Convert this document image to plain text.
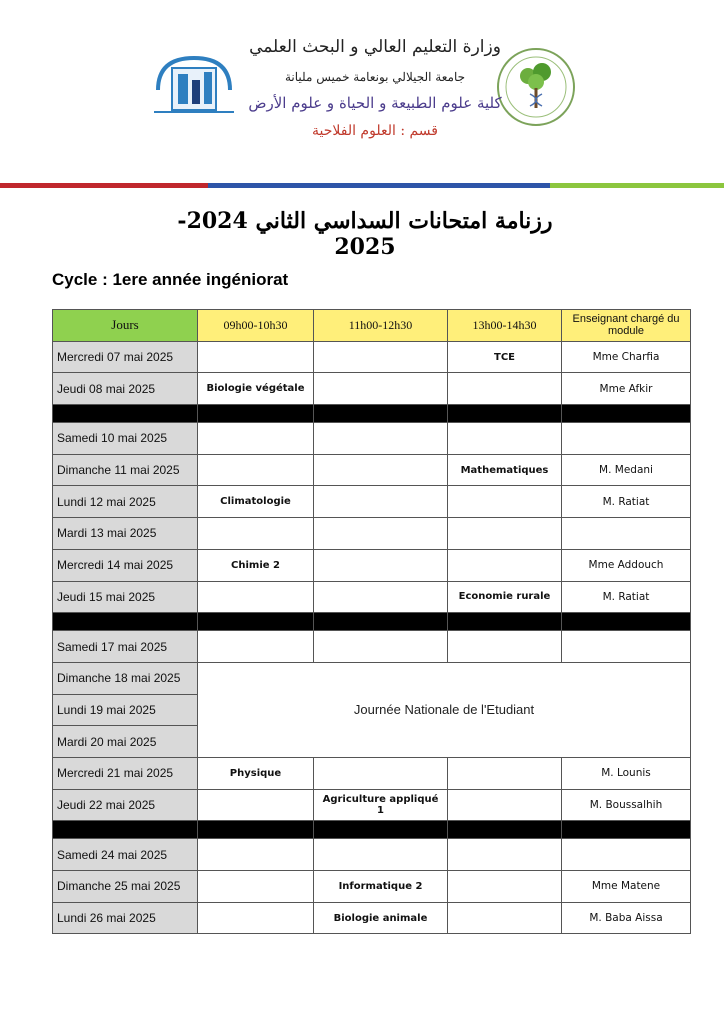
وزارة التعليم العالي و البحث العلمي
جامعة الجيلالي بونعامة خميس مليانة
كلية علوم الطبيعة و الحياة و علوم الأرض
قسم : العلوم الفلاحية
رزنامة امتحانات السداسي الثاني 2024-2025
Cycle : 1ere année ingéniorat
Jours	09h00-10h30	11h00-12h30	13h00-14h30	Enseignant chargé du module
Mercredi 07 mai 2025			TCE	Mme Charfia
Jeudi 08 mai 2025	Biologie végétale			Mme Afkir

Samedi 10 mai 2025				
Dimanche 11 mai 2025			Mathematiques	M. Medani
Lundi 12 mai 2025	Climatologie			M. Ratiat
Mardi 13 mai 2025				
Mercredi 14 mai 2025	Chimie 2			Mme Addouch
Jeudi 15 mai 2025			Economie rurale	M. Ratiat

Samedi 17 mai 2025				
Dimanche 18 mai 2025	Journée Nationale de l'Etudiant			
Lundi 19 mai 2025				
Mardi 20 mai 2025				
Mercredi 21 mai 2025	Physique			M. Lounis
Jeudi 22 mai 2025		Agriculture appliqué 1		M. Boussalhih

Samedi 24 mai 2025				
Dimanche 25 mai 2025		Informatique 2		Mme Matene
Lundi 26 mai 2025		Biologie animale		M. Baba Aissa
